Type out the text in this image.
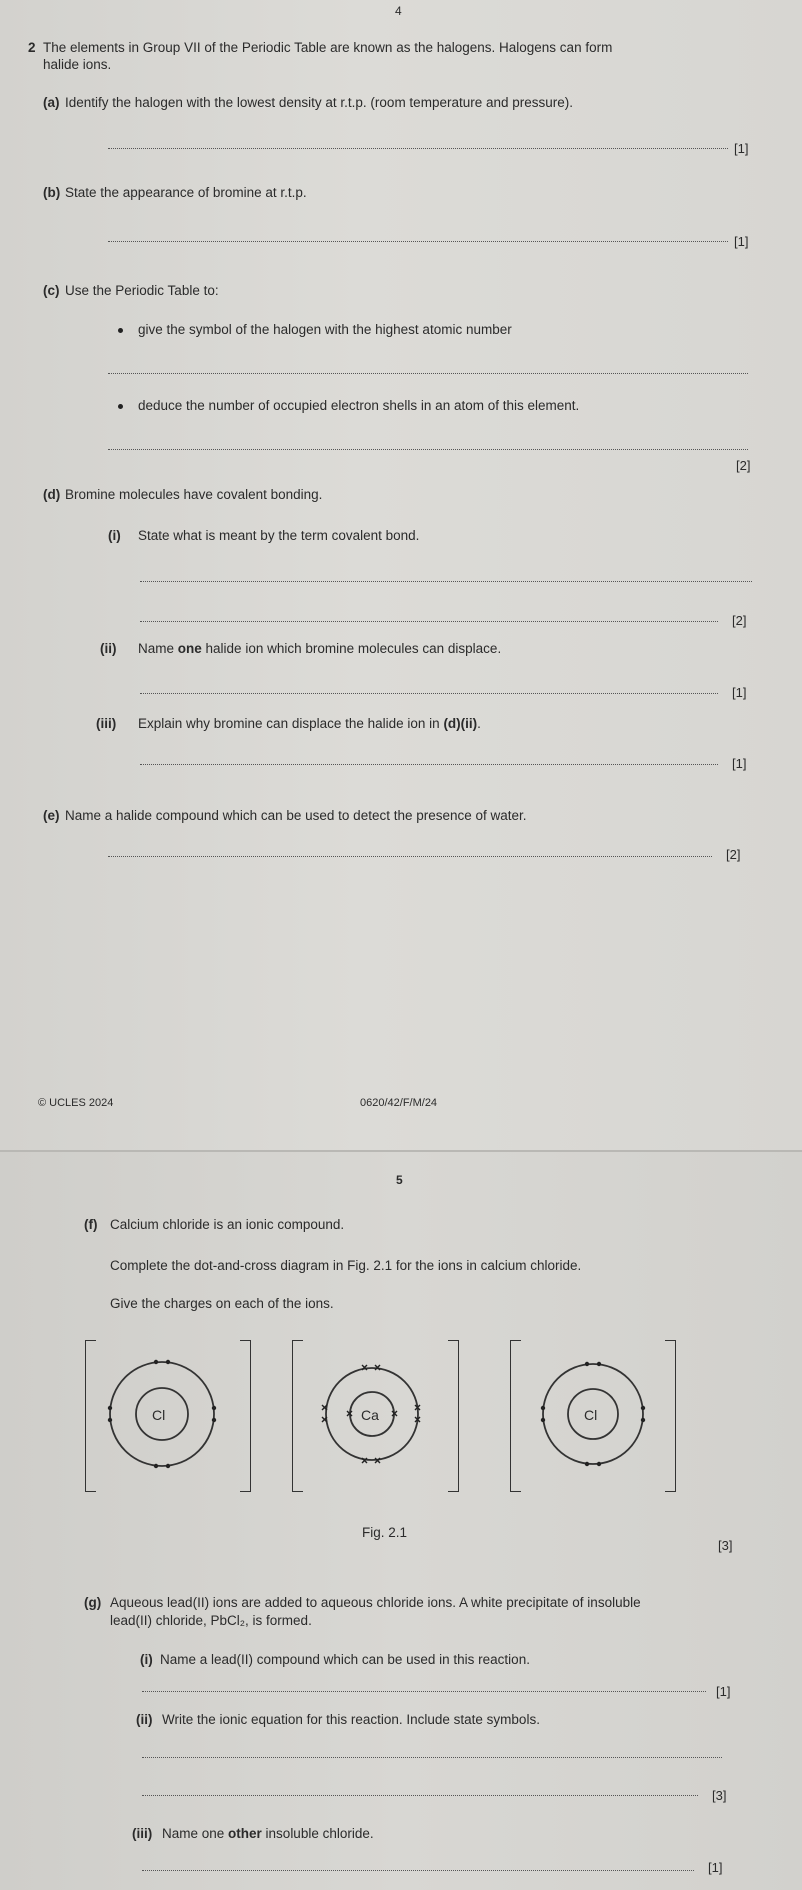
4
2 The elements in Group VII of the Periodic Table are known as the halogens. Halogens can form
halide ions.
(a) Identify the halogen with the lowest density at r.t.p. (room temperature and pressure).
[1]
(b) State the appearance of bromine at r.t.p.
[1]
(c) Use the Periodic Table to:
give the symbol of the halogen with the highest atomic number
deduce the number of occupied electron shells in an atom of this element.
[2]
(d) Bromine molecules have covalent bonding.
(i) State what is meant by the term covalent bond.
[2]
(ii) Name one halide ion which bromine molecules can displace.
[1]
(iii) Explain why bromine can displace the halide ion in (d)(ii).
[1]
(e) Name a halide compound which can be used to detect the presence of water.
[2]
© UCLES 2024	0620/42/F/M/24
5
(f) Calcium chloride is an ionic compound.
Complete the dot-and-cross diagram in Fig. 2.1 for the ions in calcium chloride.
Give the charges on each of the ions.
Cl	Ca	Cl
Fig. 2.1
[3]
(g) Aqueous lead(II) ions are added to aqueous chloride ions. A white precipitate of insoluble
lead(II) chloride, PbCl₂, is formed.
(i) Name a lead(II) compound which can be used in this reaction.
[1]
(ii) Write the ionic equation for this reaction. Include state symbols.
[3]
(iii) Name one other insoluble chloride.
[1]
